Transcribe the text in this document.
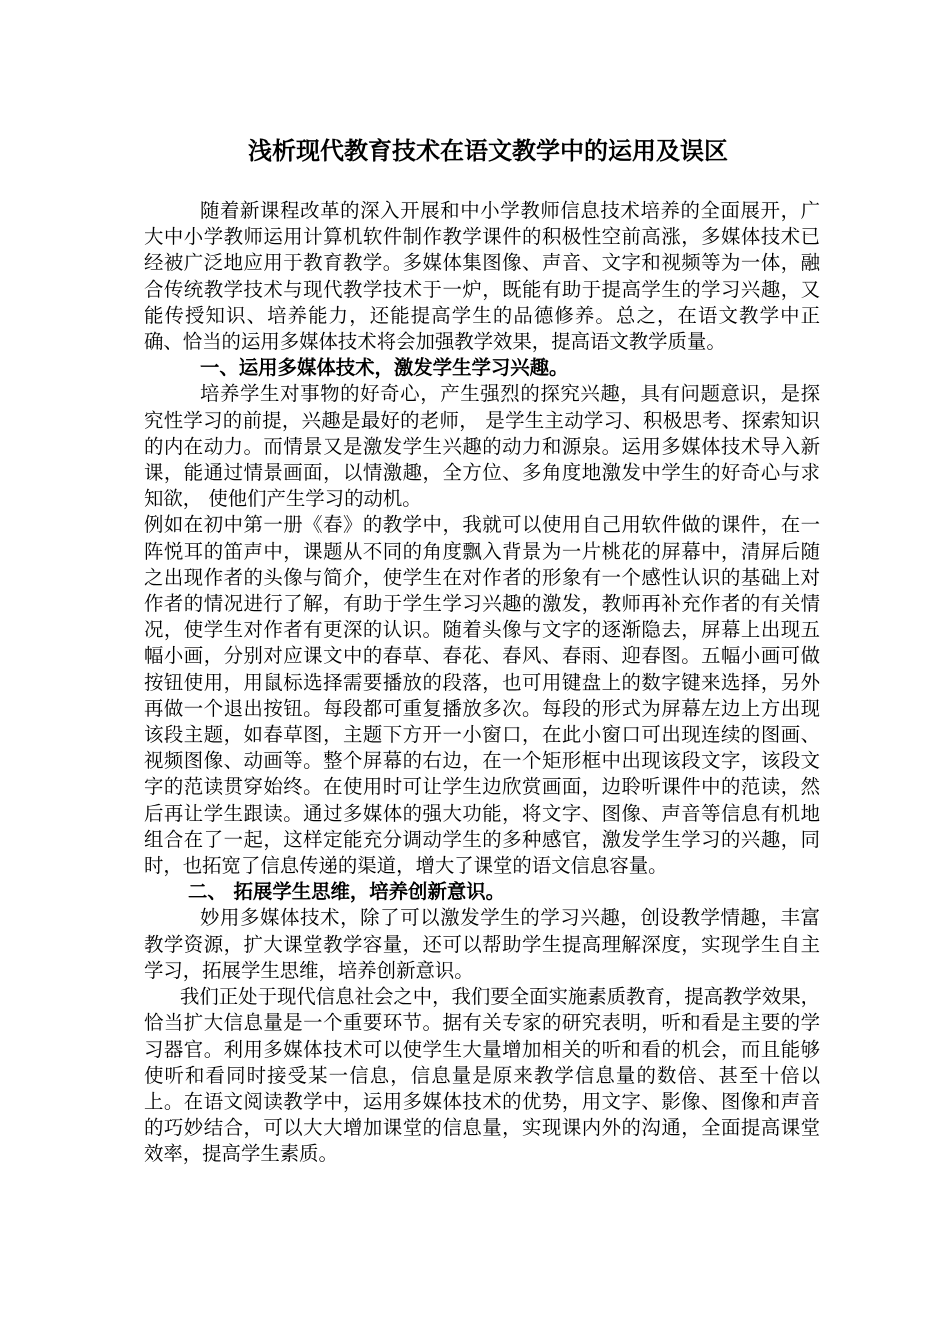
浅析现代教育技术在语文教学中的运用及误区

随着新课程改革的深入开展和中小学教师信息技术培养的全面展开，广大中小学教师运用计算机软件制作教学课件的积极性空前高涨，多媒体技术已经被广泛地应用于教育教学。多媒体集图像、声音、文字和视频等为一体，融合传统教学技术与现代教学技术于一炉，既能有助于提高学生的学习兴趣，又能传授知识、培养能力，还能提高学生的品德修养。总之，在语文教学中正确、恰当的运用多媒体技术将会加强教学效果，提高语文教学质量。

一、运用多媒体技术，激发学生学习兴趣。

培养学生对事物的好奇心，产生强烈的探究兴趣，具有问题意识，是探究性学习的前提，兴趣是最好的老师， 是学生主动学习、积极思考、探索知识的内在动力。而情景又是激发学生兴趣的动力和源泉。运用多媒体技术导入新课，能通过情景画面，以情激趣，全方位、多角度地激发中学生的好奇心与求知欲， 使他们产生学习的动机。

例如在初中第一册《春》的教学中，我就可以使用自己用软件做的课件，在一阵悦耳的笛声中，课题从不同的角度飘入背景为一片桃花的屏幕中，清屏后随之出现作者的头像与简介，使学生在对作者的形象有一个感性认识的基础上对作者的情况进行了解，有助于学生学习兴趣的激发，教师再补充作者的有关情况，使学生对作者有更深的认识。随着头像与文字的逐渐隐去，屏幕上出现五幅小画，分别对应课文中的春草、春花、春风、春雨、迎春图。五幅小画可做按钮使用，用鼠标选择需要播放的段落，也可用键盘上的数字键来选择，另外再做一个退出按钮。每段都可重复播放多次。每段的形式为屏幕左边上方出现该段主题，如春草图，主题下方开一小窗口，在此小窗口可出现连续的图画、视频图像、动画等。整个屏幕的右边，在一个矩形框中出现该段文字，该段文字的范读贯穿始终。在使用时可让学生边欣赏画面，边聆听课件中的范读，然后再让学生跟读。通过多媒体的强大功能，将文字、图像、声音等信息有机地组合在了一起，这样定能充分调动学生的多种感官，激发学生学习的兴趣，同时，也拓宽了信息传递的渠道，增大了课堂的语文信息容量。

二、 拓展学生思维，培养创新意识。

妙用多媒体技术，除了可以激发学生的学习兴趣，创设教学情趣，丰富教学资源，扩大课堂教学容量，还可以帮助学生提高理解深度，实现学生自主学习，拓展学生思维，培养创新意识。

我们正处于现代信息社会之中，我们要全面实施素质教育，提高教学效果，恰当扩大信息量是一个重要环节。据有关专家的研究表明，听和看是主要的学习器官。利用多媒体技术可以使学生大量增加相关的听和看的机会，而且能够使听和看同时接受某一信息，信息量是原来教学信息量的数倍、甚至十倍以上。在语文阅读教学中，运用多媒体技术的优势，用文字、影像、图像和声音的巧妙结合，可以大大增加课堂的信息量，实现课内外的沟通，全面提高课堂效率，提高学生素质。
